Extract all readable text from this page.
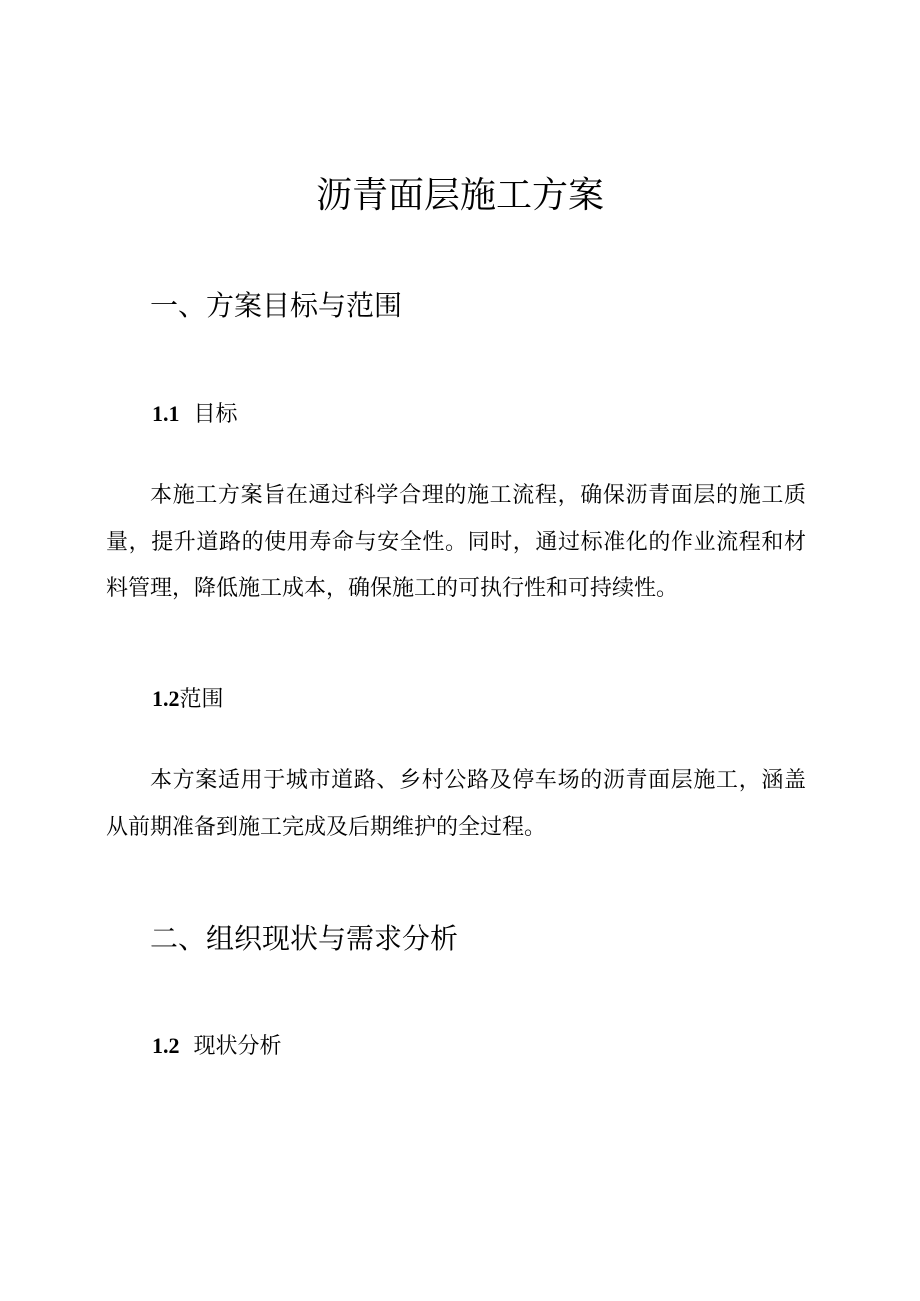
沥青面层施工方案
一、方案目标与范围
1.1 目标

本施工方案旨在通过科学合理的施工流程，确保沥青面层的施工质量，提升道路的使用寿命与安全性。同时，通过标准化的作业流程和材料管理，降低施工成本，确保施工的可执行性和可持续性。

1.2范围

本方案适用于城市道路、乡村公路及停车场的沥青面层施工，涵盖从前期准备到施工完成及后期维护的全过程。

二、组织现状与需求分析
1.2 现状分析
